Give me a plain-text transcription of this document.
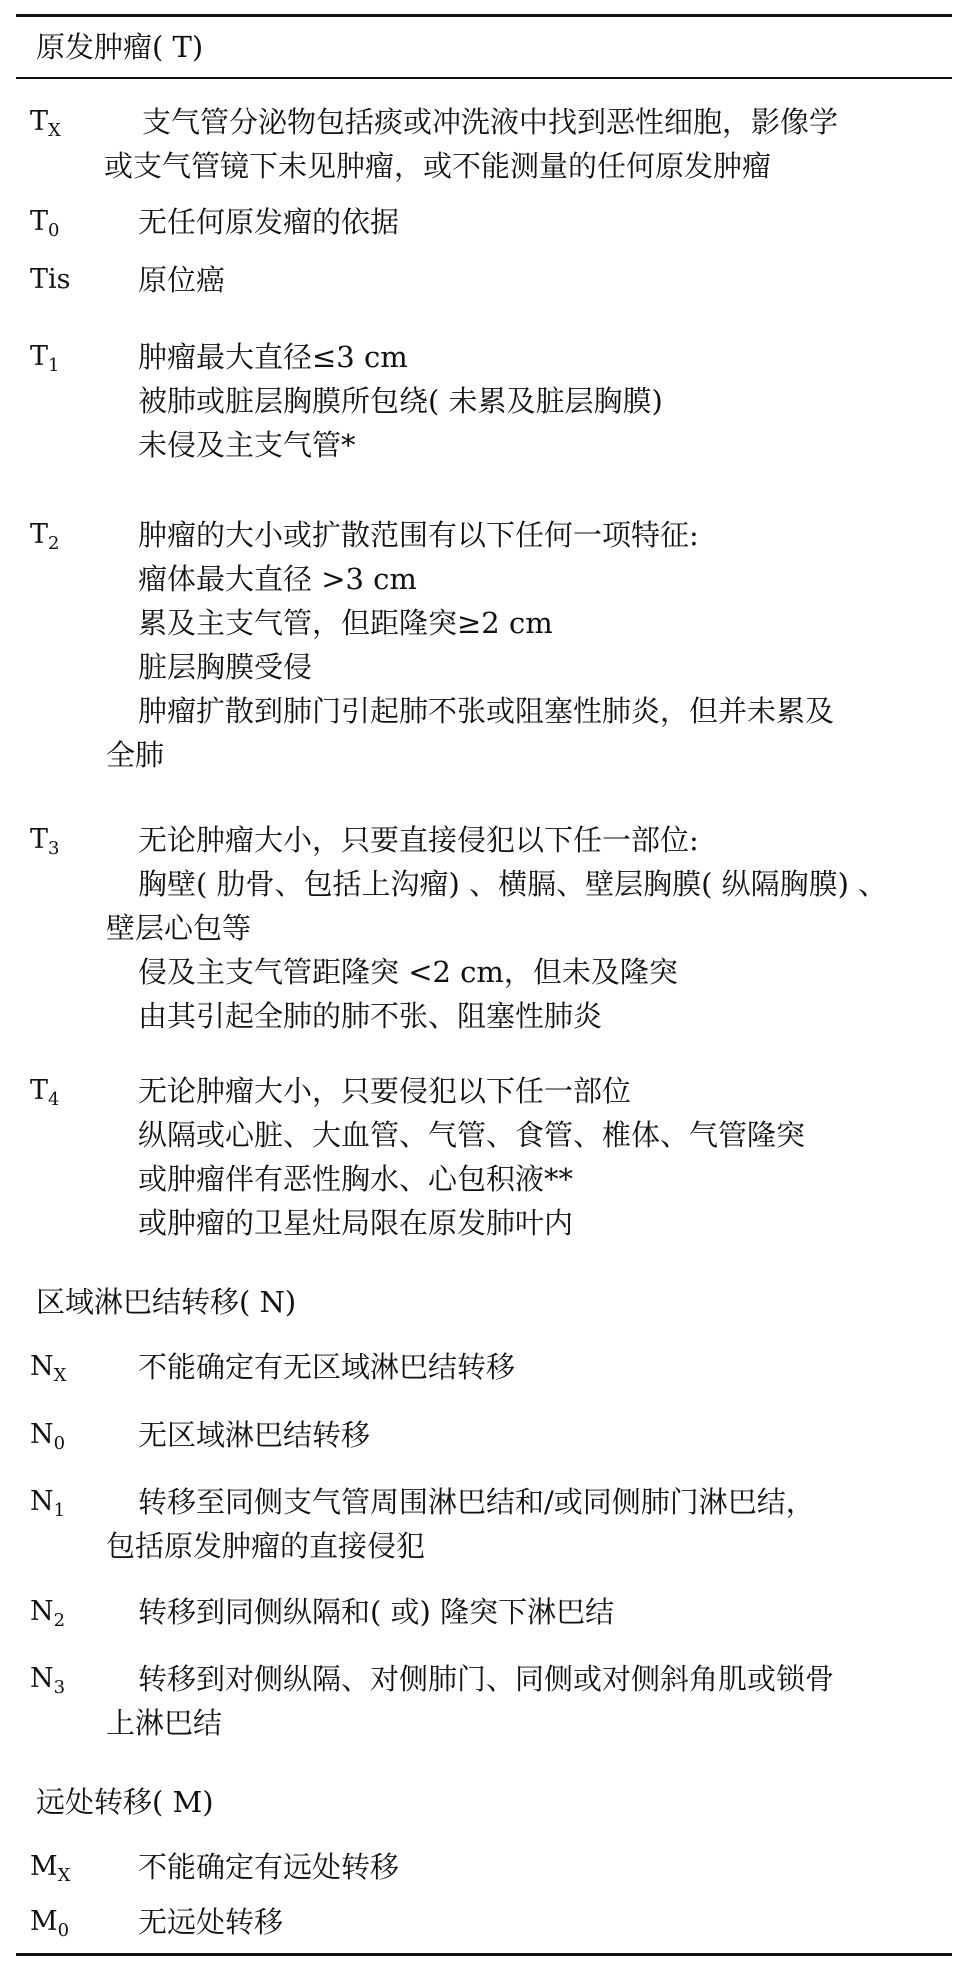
原发肿瘤( T)
$T_X$	支气管分泌物包括痰或冲洗液中找到恶性细胞，影像学
或支气管镜下未见肿瘤，或不能测量的任何原发肿瘤
$T_0$	无任何原发瘤的依据
Tis 原位癌
$T_1$	肿瘤最大直径≤3 cm
被肺或脏层胸膜所包绕( 未累及脏层胸膜)
未侵及主支气管*
$T_2$	肿瘤的大小或扩散范围有以下任何一项特征:
瘤体最大直径 >3 cm
累及主支气管，但距隆突≥2 cm
脏层胸膜受侵
肿瘤扩散到肺门引起肺不张或阻塞性肺炎，但并未累及
全肺
$T_3$	无论肿瘤大小，只要直接侵犯以下任一部位:
胸壁( 肋骨、包括上沟瘤) 、横膈、壁层胸膜( 纵隔胸膜) 、
壁层心包等
侵及主支气管距隆突 <2 cm，但未及隆突
由其引起全肺的肺不张、阻塞性肺炎
$T_4$	无论肿瘤大小，只要侵犯以下任一部位
纵隔或心脏、大血管、气管、食管、椎体、气管隆突
或肿瘤伴有恶性胸水、心包积液**
或肿瘤的卫星灶局限在原发肺叶内
区域淋巴结转移( N)
$N_X$ 不能确定有无区域淋巴结转移
$N_0$	无区域淋巴结转移
$N_1$	转移至同侧支气管周围淋巴结和/或同侧肺门淋巴结，
包括原发肿瘤的直接侵犯
$N_2$	转移到同侧纵隔和( 或) 隆突下淋巴结
$N_3$	转移到对侧纵隔、对侧肺门、同侧或对侧斜角肌或锁骨
上淋巴结
远处转移( M)
$M_X$ 不能确定有远处转移
$M_0$ 无远处转移
